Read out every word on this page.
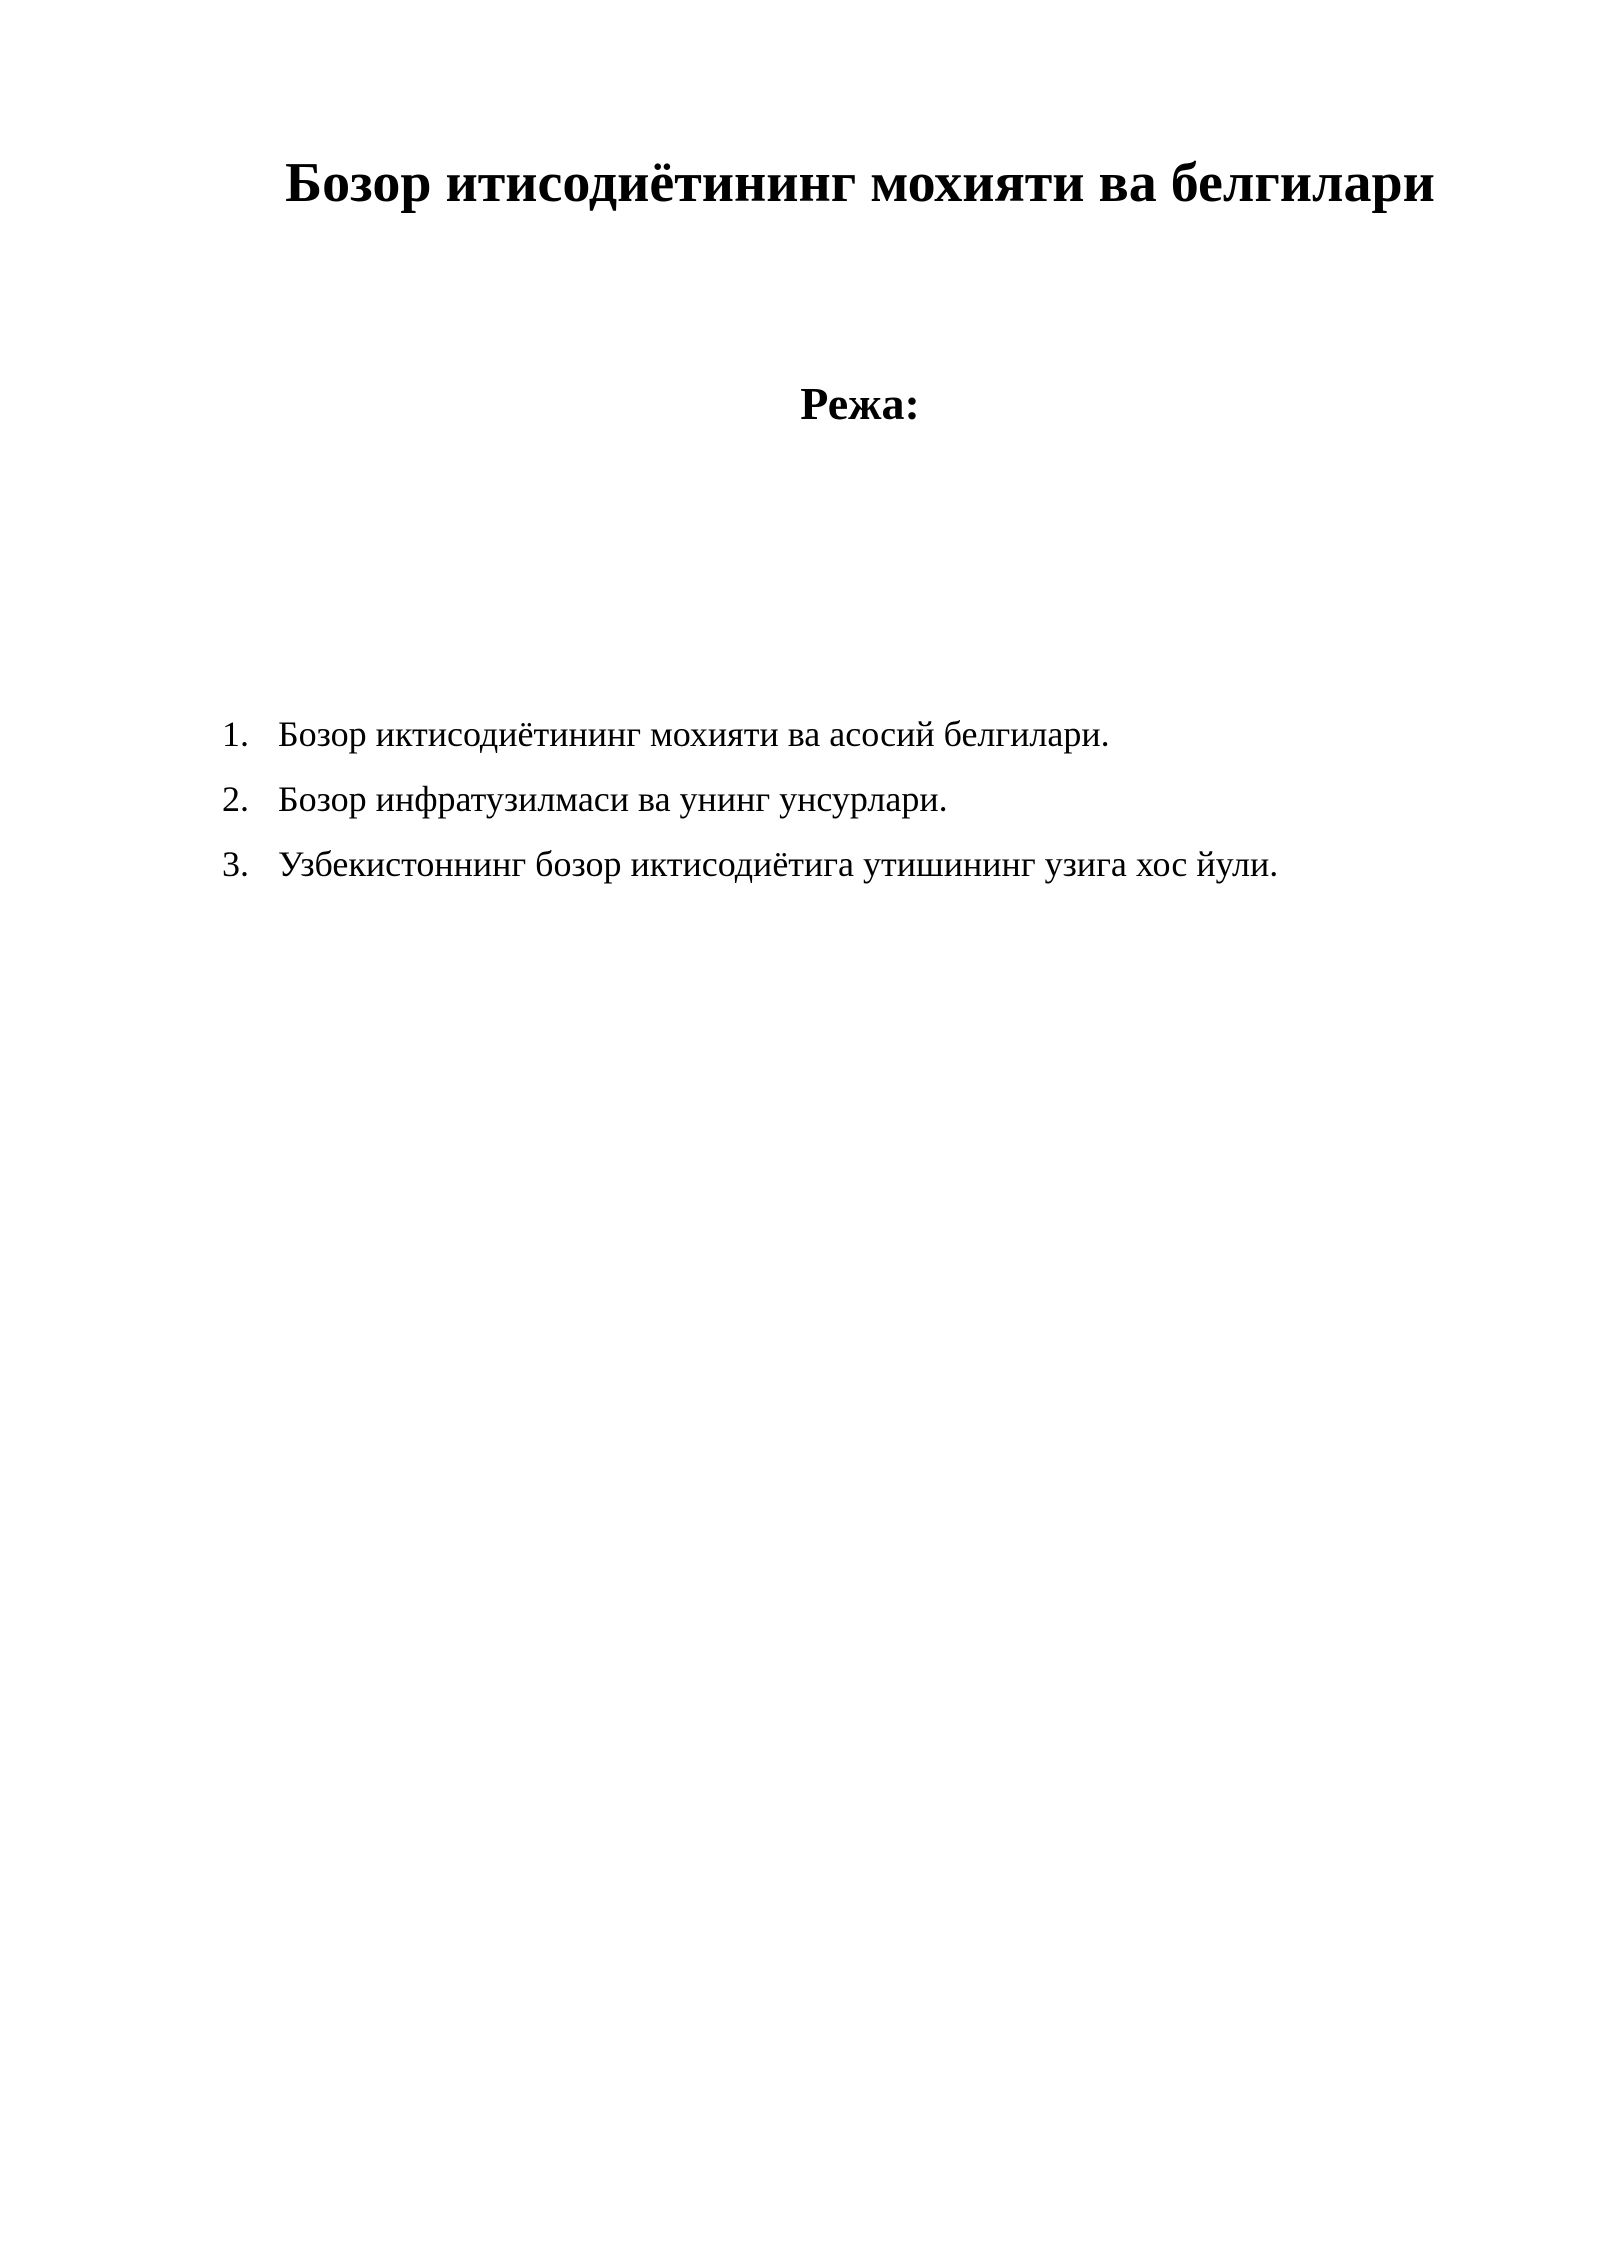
Бозор итисодиётининг мохияти ва белгилари
Режа:
1. Бозор иктисодиётининг мохияти ва асосий белгилари.
2. Бозор инфратузилмаси ва унинг унсурлари.
3. Узбекистоннинг бозор иктисодиётига утишининг узига хос йули.
